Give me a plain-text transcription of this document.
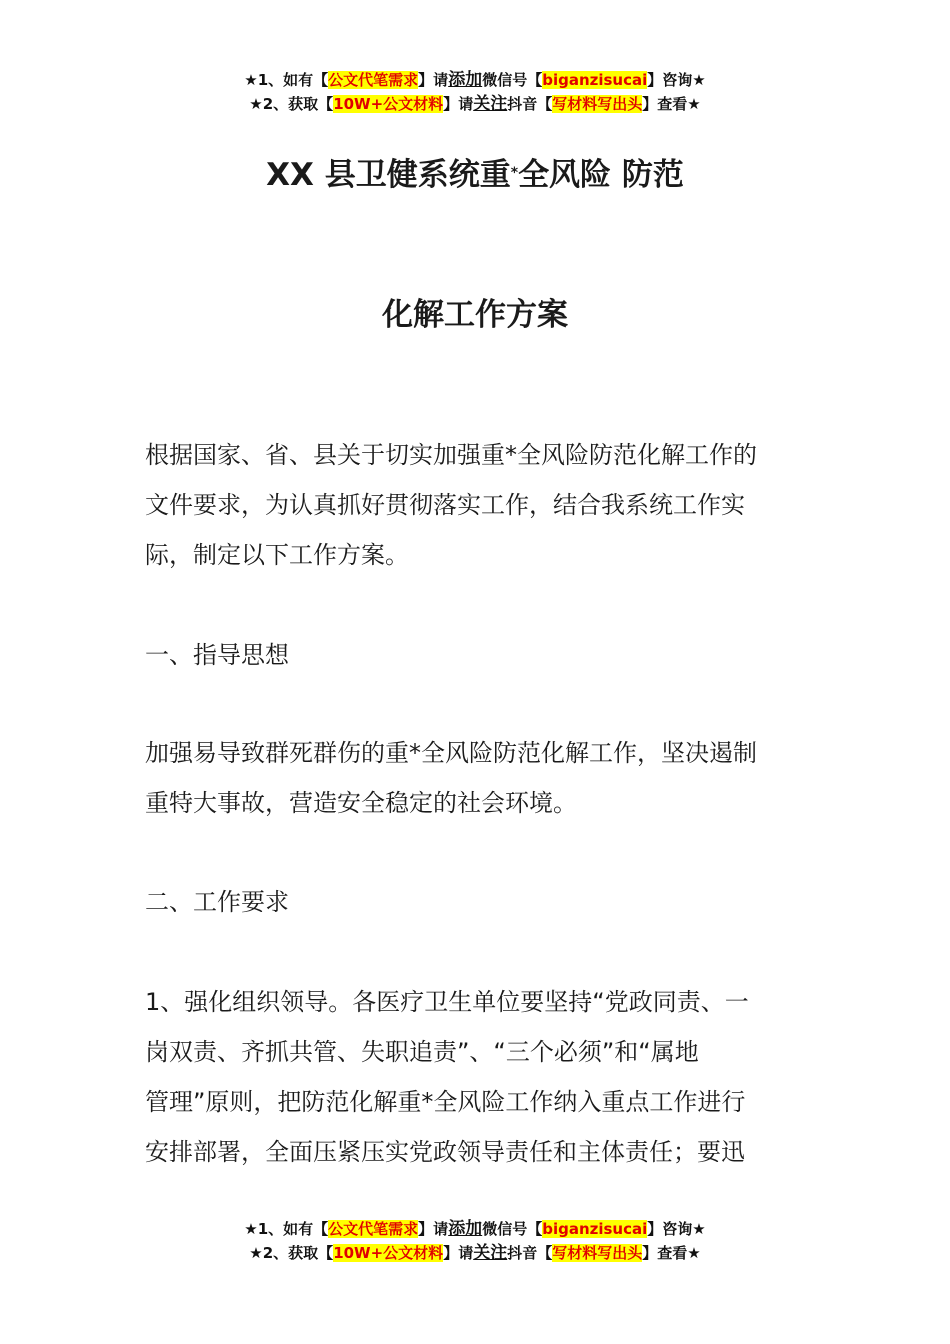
★1、如有【公文代笔需求】请添加微信号【biganzisucai】咨询★
★2、获取【10W+公文材料】请关注抖音【写材料写出头】查看★
XX 县卫健系统重*全风险 防范
化解工作方案
根据国家、省、县关于切实加强重*全风险防范化解工作的
文件要求，为认真抓好贯彻落实工作，结合我系统工作实
际，制定以下工作方案。
一、指导思想
加强易导致群死群伤的重*全风险防范化解工作，坚决遏制
重特大事故，营造安全稳定的社会环境。
二、工作要求
1、强化组织领导。各医疗卫生单位要坚持“党政同责、一
岗双责、齐抓共管、失职追责”、“三个必须”和“属地
管理”原则，把防范化解重*全风险工作纳入重点工作进行
安排部署，全面压紧压实党政领导责任和主体责任；要迅
★1、如有【公文代笔需求】请添加微信号【biganzisucai】咨询★
★2、获取【10W+公文材料】请关注抖音【写材料写出头】查看★
